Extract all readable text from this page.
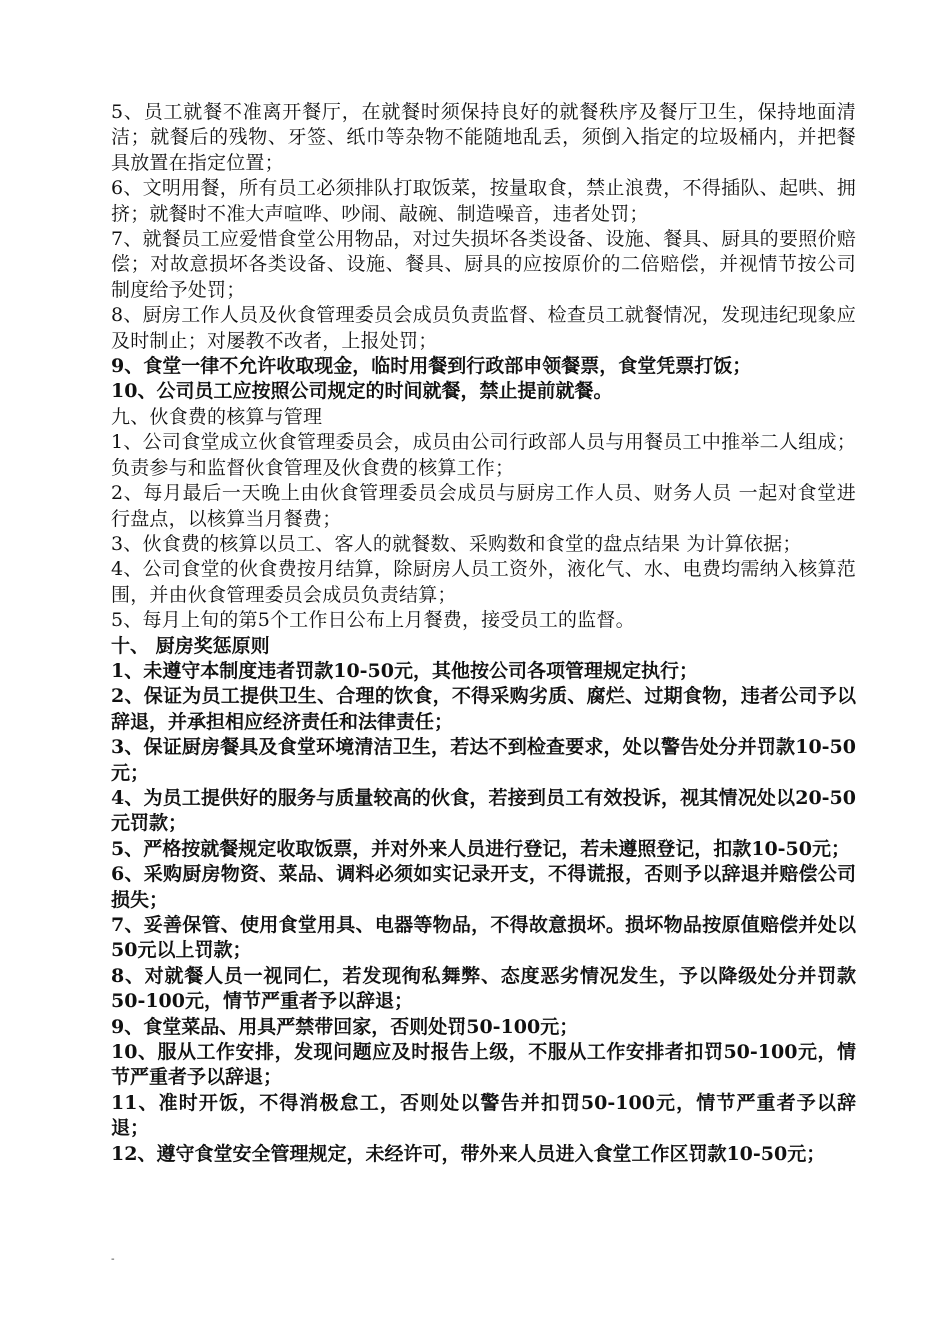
5、员工就餐不准离开餐厅，在就餐时须保持良好的就餐秩序及餐厅卫生，保持地面清洁；就餐后的残物、牙签、纸巾等杂物不能随地乱丢，须倒入指定的垃圾桶内，并把餐具放置在指定位置；

6、文明用餐，所有员工必须排队打取饭菜，按量取食，禁止浪费，不得插队、起哄、拥挤；就餐时不准大声喧哗、吵闹、敲碗、制造噪音，违者处罚；

7、就餐员工应爱惜食堂公用物品，对过失损坏各类设备、设施、餐具、厨具的要照价赔偿；对故意损坏各类设备、设施、餐具、厨具的应按原价的二倍赔偿，并视情节按公司制度给予处罚；

8、厨房工作人员及伙食管理委员会成员负责监督、检查员工就餐情况，发现违纪现象应及时制止；对屡教不改者，上报处罚；

9、食堂一律不允许收取现金，临时用餐到行政部申领餐票，食堂凭票打饭；

10、公司员工应按照公司规定的时间就餐，禁止提前就餐。

九、伙食费的核算与管理

1、公司食堂成立伙食管理委员会，成员由公司行政部人员与用餐员工中推举二人组成；负责参与和监督伙食管理及伙食费的核算工作；

2、每月最后一天晚上由伙食管理委员会成员与厨房工作人员、财务人员 一起对食堂进行盘点，以核算当月餐费；

3、伙食费的核算以员工、客人的就餐数、采购数和食堂的盘点结果 为计算依据；

4、公司食堂的伙食费按月结算，除厨房人员工资外，液化气、水、电费均需纳入核算范围，并由伙食管理委员会成员负责结算；

5、每月上旬的第5个工作日公布上月餐费，接受员工的监督。

十、 厨房奖惩原则

1、未遵守本制度违者罚款10-50元，其他按公司各项管理规定执行；

2、保证为员工提供卫生、合理的饮食，不得采购劣质、腐烂、过期食物，违者公司予以辞退，并承担相应经济责任和法律责任；

3、保证厨房餐具及食堂环境清洁卫生，若达不到检查要求，处以警告处分并罚款10-50元；

4、为员工提供好的服务与质量较高的伙食，若接到员工有效投诉，视其情况处以20-50元罚款；

5、严格按就餐规定收取饭票，并对外来人员进行登记，若未遵照登记，扣款10-50元；

6、采购厨房物资、菜品、调料必须如实记录开支，不得谎报，否则予以辞退并赔偿公司损失；

7、妥善保管、使用食堂用具、电器等物品，不得故意损坏。损坏物品按原值赔偿并处以50元以上罚款；

8、对就餐人员一视同仁，若发现徇私舞弊、态度恶劣情况发生，予以降级处分并罚款50-100元，情节严重者予以辞退；

9、食堂菜品、用具严禁带回家，否则处罚50-100元；

10、服从工作安排，发现问题应及时报告上级，不服从工作安排者扣罚50-100元，情节严重者予以辞退；

11、准时开饭，不得消极怠工，否则处以警告并扣罚50-100元，情节严重者予以辞退；

12、遵守食堂安全管理规定，未经许可，带外来人员进入食堂工作区罚款10-50元；

-
